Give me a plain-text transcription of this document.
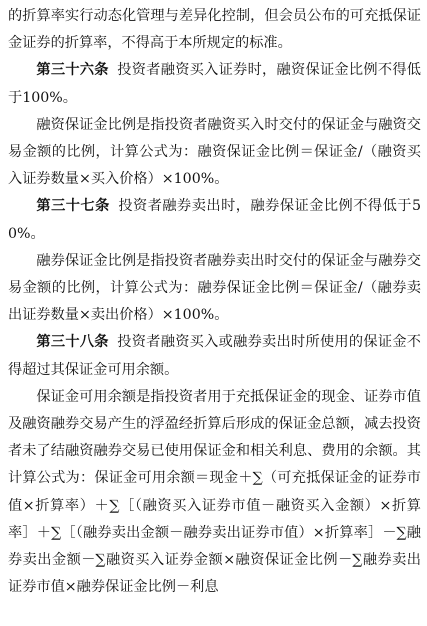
的折算率实行动态化管理与差异化控制，但会员公布的可充抵保证金证券的折算率，不得高于本所规定的标准。

第三十六条 投资者融资买入证券时，融资保证金比例不得低于100%。

融资保证金比例是指投资者融资买入时交付的保证金与融资交易金额的比例，计算公式为：融资保证金比例＝保证金/（融资买入证券数量×买入价格）×100%。

第三十七条 投资者融券卖出时，融券保证金比例不得低于50%。

融券保证金比例是指投资者融券卖出时交付的保证金与融券交易金额的比例，计算公式为：融券保证金比例＝保证金/（融券卖出证券数量×卖出价格）×100%。

第三十八条 投资者融资买入或融券卖出时所使用的保证金不得超过其保证金可用余额。

保证金可用余额是指投资者用于充抵保证金的现金、证券市值及融资融券交易产生的浮盈经折算后形成的保证金总额，减去投资者未了结融资融券交易已使用保证金和相关利息、费用的余额。其计算公式为：保证金可用余额＝现金＋∑（可充抵保证金的证券市值×折算率）＋∑［（融资买入证券市值－融资买入金额）×折算率］＋∑［（融券卖出金额－融券卖出证券市值）×折算率］－∑融券卖出金额－∑融资买入证券金额×融资保证金比例－∑融券卖出证券市值×融券保证金比例－利息
